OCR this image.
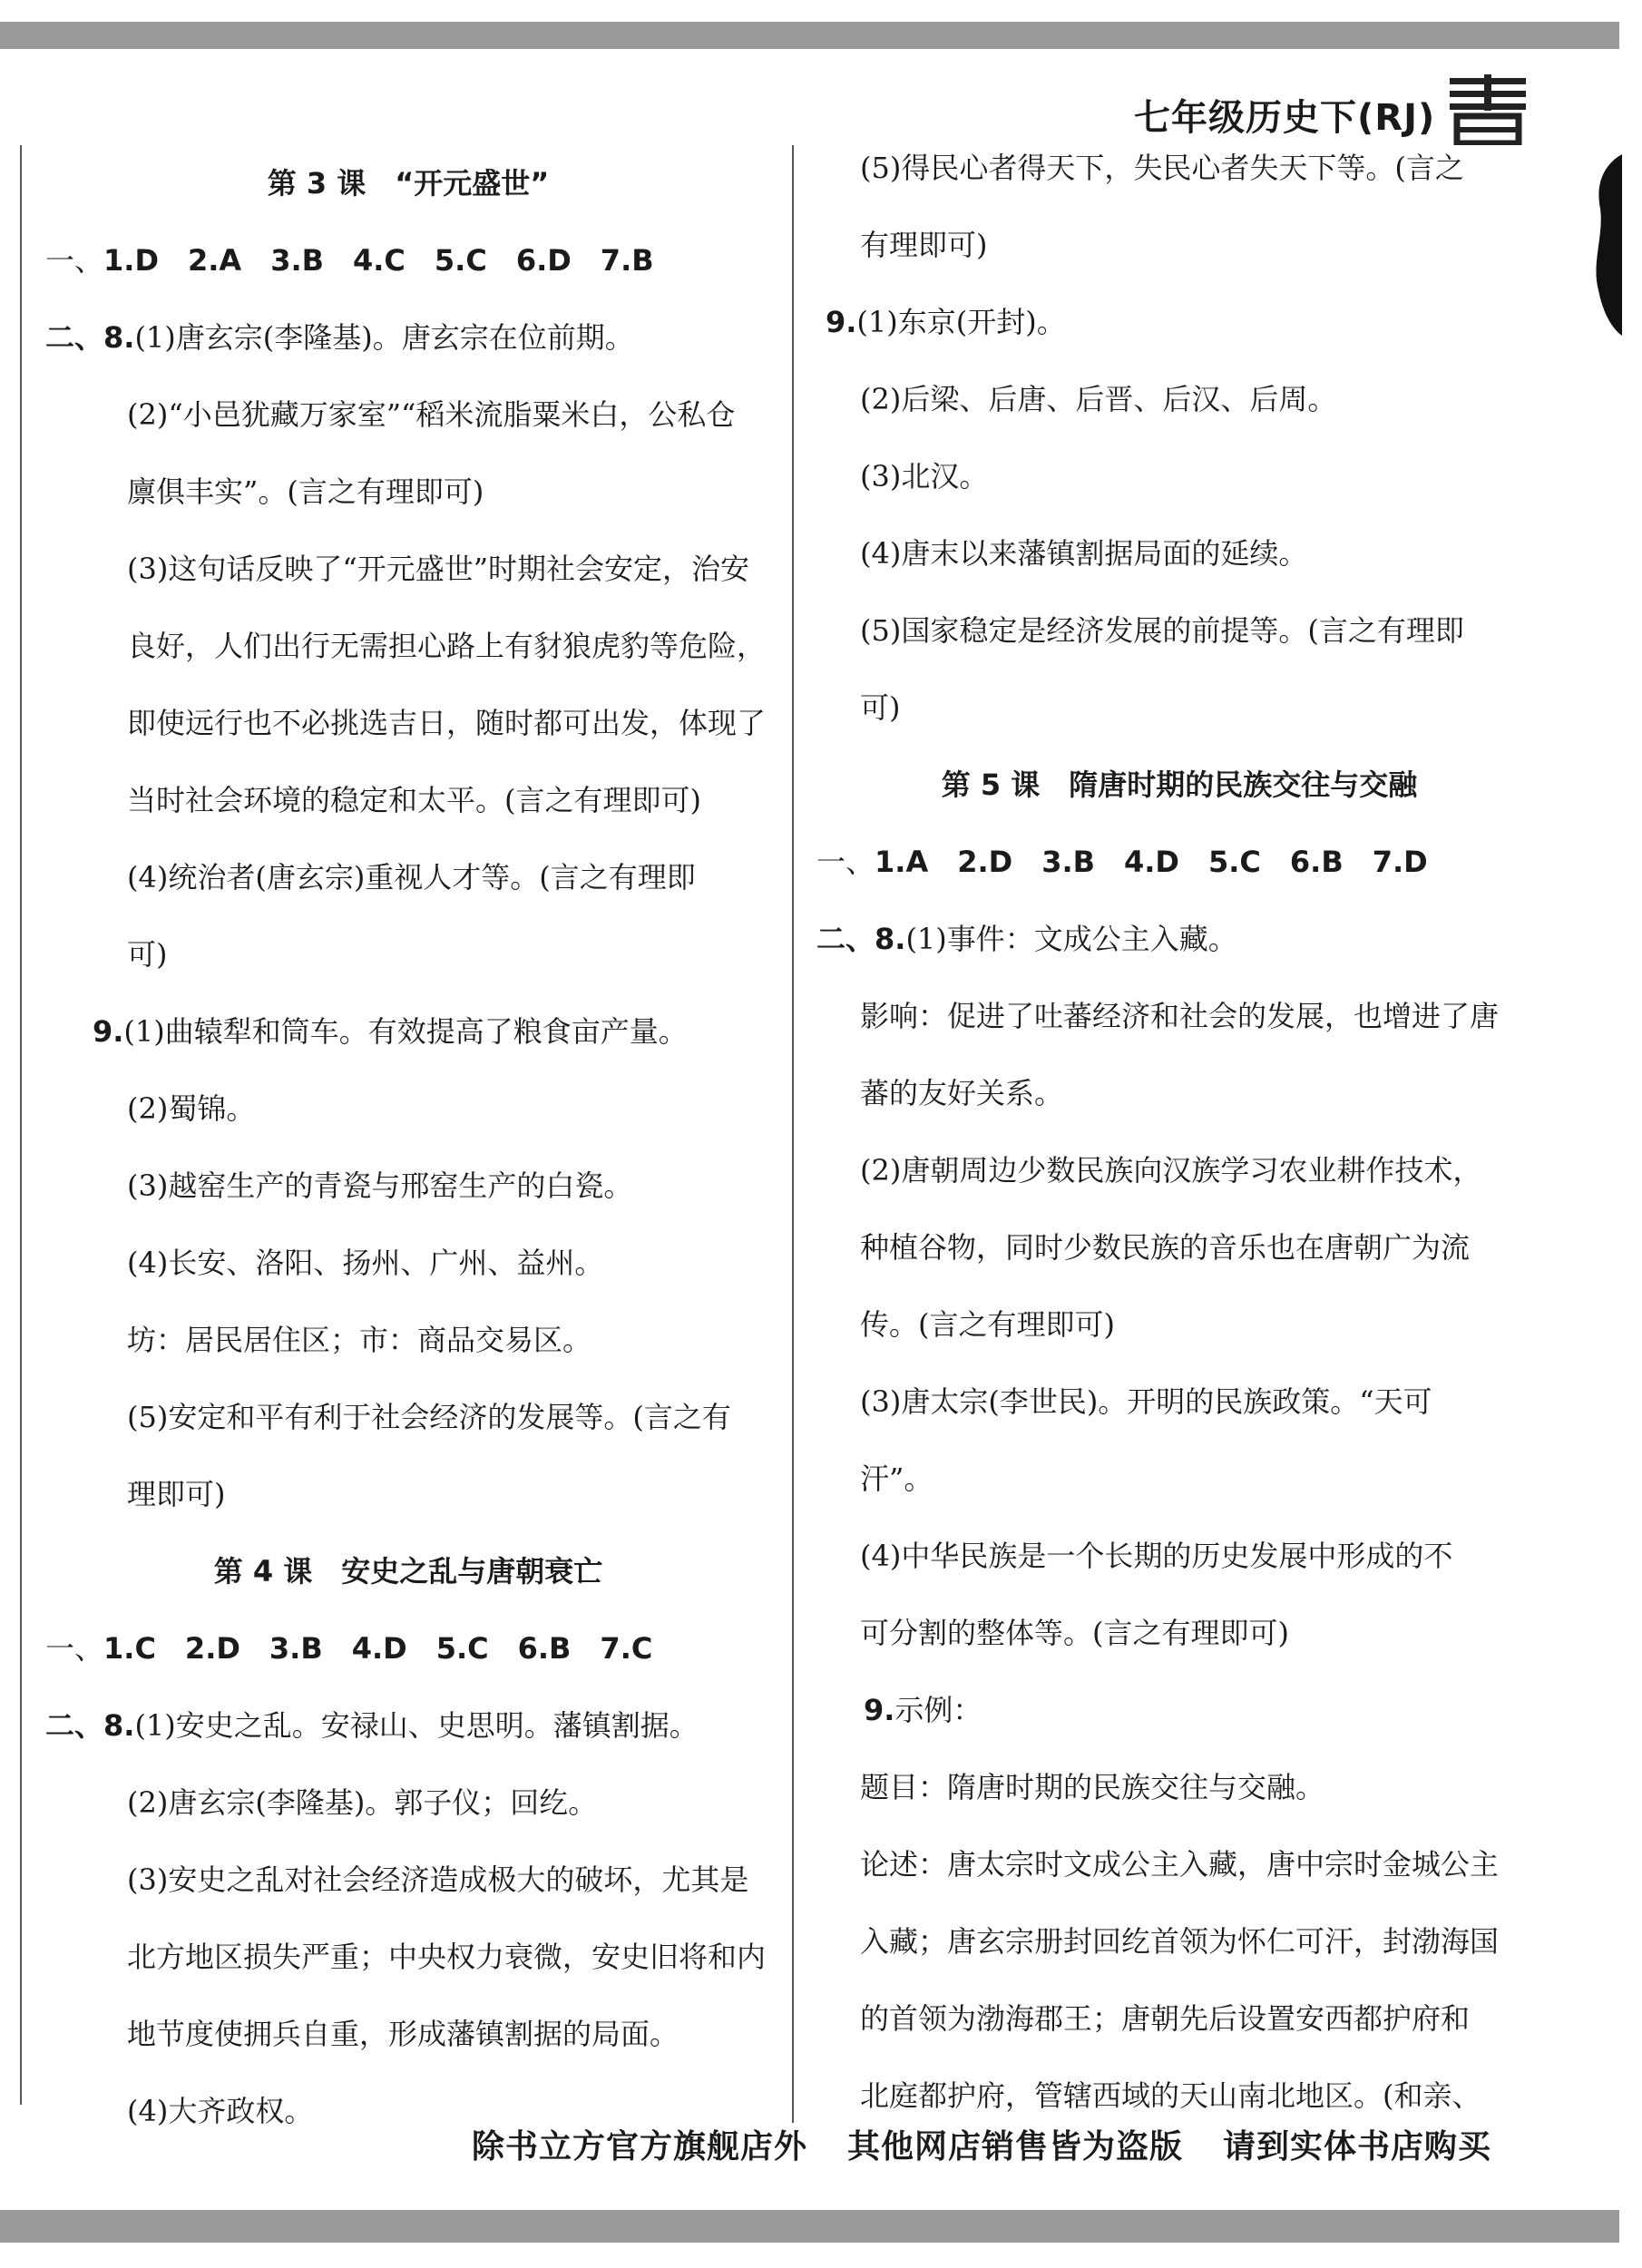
七年级历史下(RJ)
第 3 课　“开元盛世”
一、1.D　2.A　3.B　4.C　5.C　6.D　7.B
二、8.(1)唐玄宗(李隆基)。唐玄宗在位前期。
(2)“小邑犹藏万家室”“稻米流脂粟米白，公私仓
廪俱丰实”。(言之有理即可)
(3)这句话反映了“开元盛世”时期社会安定，治安
良好，人们出行无需担心路上有豺狼虎豹等危险，
即使远行也不必挑选吉日，随时都可出发，体现了
当时社会环境的稳定和太平。(言之有理即可)
(4)统治者(唐玄宗)重视人才等。(言之有理即
可)
9.(1)曲辕犁和筒车。有效提高了粮食亩产量。
(2)蜀锦。
(3)越窑生产的青瓷与邢窑生产的白瓷。
(4)长安、洛阳、扬州、广州、益州。
坊：居民居住区；市：商品交易区。
(5)安定和平有利于社会经济的发展等。(言之有
理即可)
第 4 课　安史之乱与唐朝衰亡
一、1.C　2.D　3.B　4.D　5.C　6.B　7.C
二、8.(1)安史之乱。安禄山、史思明。藩镇割据。
(2)唐玄宗(李隆基)。郭子仪；回纥。
(3)安史之乱对社会经济造成极大的破坏，尤其是
北方地区损失严重；中央权力衰微，安史旧将和内
地节度使拥兵自重，形成藩镇割据的局面。
(4)大齐政权。
(5)得民心者得天下，失民心者失天下等。(言之
有理即可)
9.(1)东京(开封)。
(2)后梁、后唐、后晋、后汉、后周。
(3)北汉。
(4)唐末以来藩镇割据局面的延续。
(5)国家稳定是经济发展的前提等。(言之有理即
可)
第 5 课　隋唐时期的民族交往与交融
一、1.A　2.D　3.B　4.D　5.C　6.B　7.D
二、8.(1)事件：文成公主入藏。
影响：促进了吐蕃经济和社会的发展，也增进了唐
蕃的友好关系。
(2)唐朝周边少数民族向汉族学习农业耕作技术，
种植谷物，同时少数民族的音乐也在唐朝广为流
传。(言之有理即可)
(3)唐太宗(李世民)。开明的民族政策。“天可
汗”。
(4)中华民族是一个长期的历史发展中形成的不
可分割的整体等。(言之有理即可)
9.示例：
题目：隋唐时期的民族交往与交融。
论述：唐太宗时文成公主入藏，唐中宗时金城公主
入藏；唐玄宗册封回纥首领为怀仁可汗，封渤海国
的首领为渤海郡王；唐朝先后设置安西都护府和
北庭都护府，管辖西域的天山南北地区。(和亲、
除书立方官方旗舰店外 其他网店销售皆为盗版 请到实体书店购买
